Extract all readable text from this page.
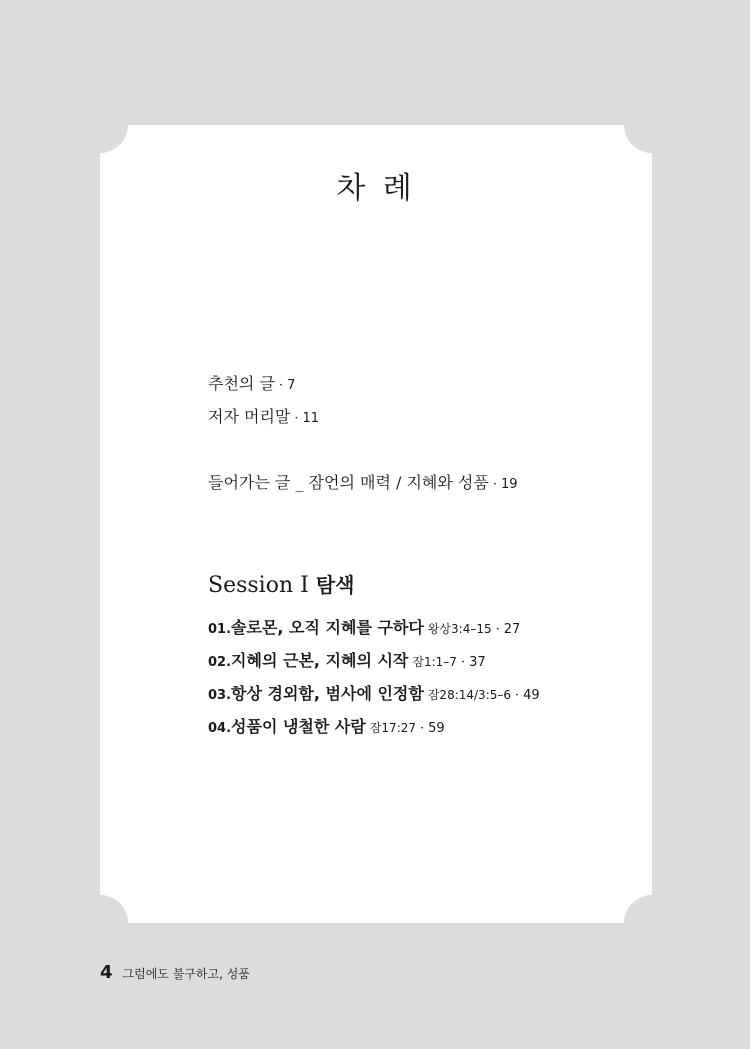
차 례
추천의 글 · 7
저자 머리말 · 11
들어가는 글 _ 잠언의 매력 / 지혜와 성품 · 19
Session Ⅰ 탐색
01.솔로몬, 오직 지혜를 구하다 왕상3:4–15 · 27
02.지혜의 근본, 지혜의 시작 잠1:1–7 · 37
03.항상 경외함, 범사에 인정함 잠28:14/3:5–6 · 49
04.성품이 냉철한 사람 잠17:27 · 59
4 그럼에도 불구하고, 성품
